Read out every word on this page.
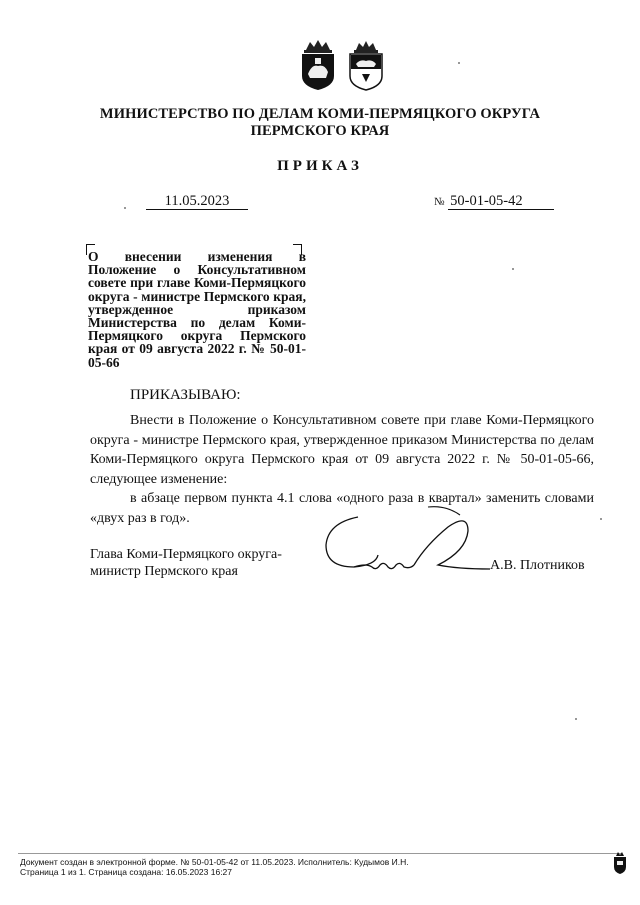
МИНИСТЕРСТВО ПО ДЕЛАМ КОМИ-ПЕРМЯЦКОГО ОКРУГА
ПЕРМСКОГО КРАЯ
ПРИКАЗ
11.05.2023	№ 50-01-05-42
О внесении изменения в Положение о Консультативном совете при главе Коми-Пермяцкого округа - министре Пермского края, утвержденное приказом Министерства по делам Коми-Пермяцкого округа Пермского края от 09 августа 2022 г. № 50-01-05-66
ПРИКАЗЫВАЮ:

Внести в Положение о Консультативном совете при главе Коми-Пермяцкого округа - министре Пермского края, утвержденное приказом Министерства по делам Коми-Пермяцкого округа Пермского края от 09 августа 2022 г. № 50-01-05-66, следующее изменение:

в абзаце первом пункта 4.1 слова «одного раза в квартал» заменить словами «двух раз в год».

Глава Коми-Пермяцкого округа-
министр Пермского края	А.В. Плотников
Документ создан в электронной форме. № 50-01-05-42 от 11.05.2023. Исполнитель: Кудымов И.Н.
Страница 1 из 1. Страница создана: 16.05.2023 16:27
